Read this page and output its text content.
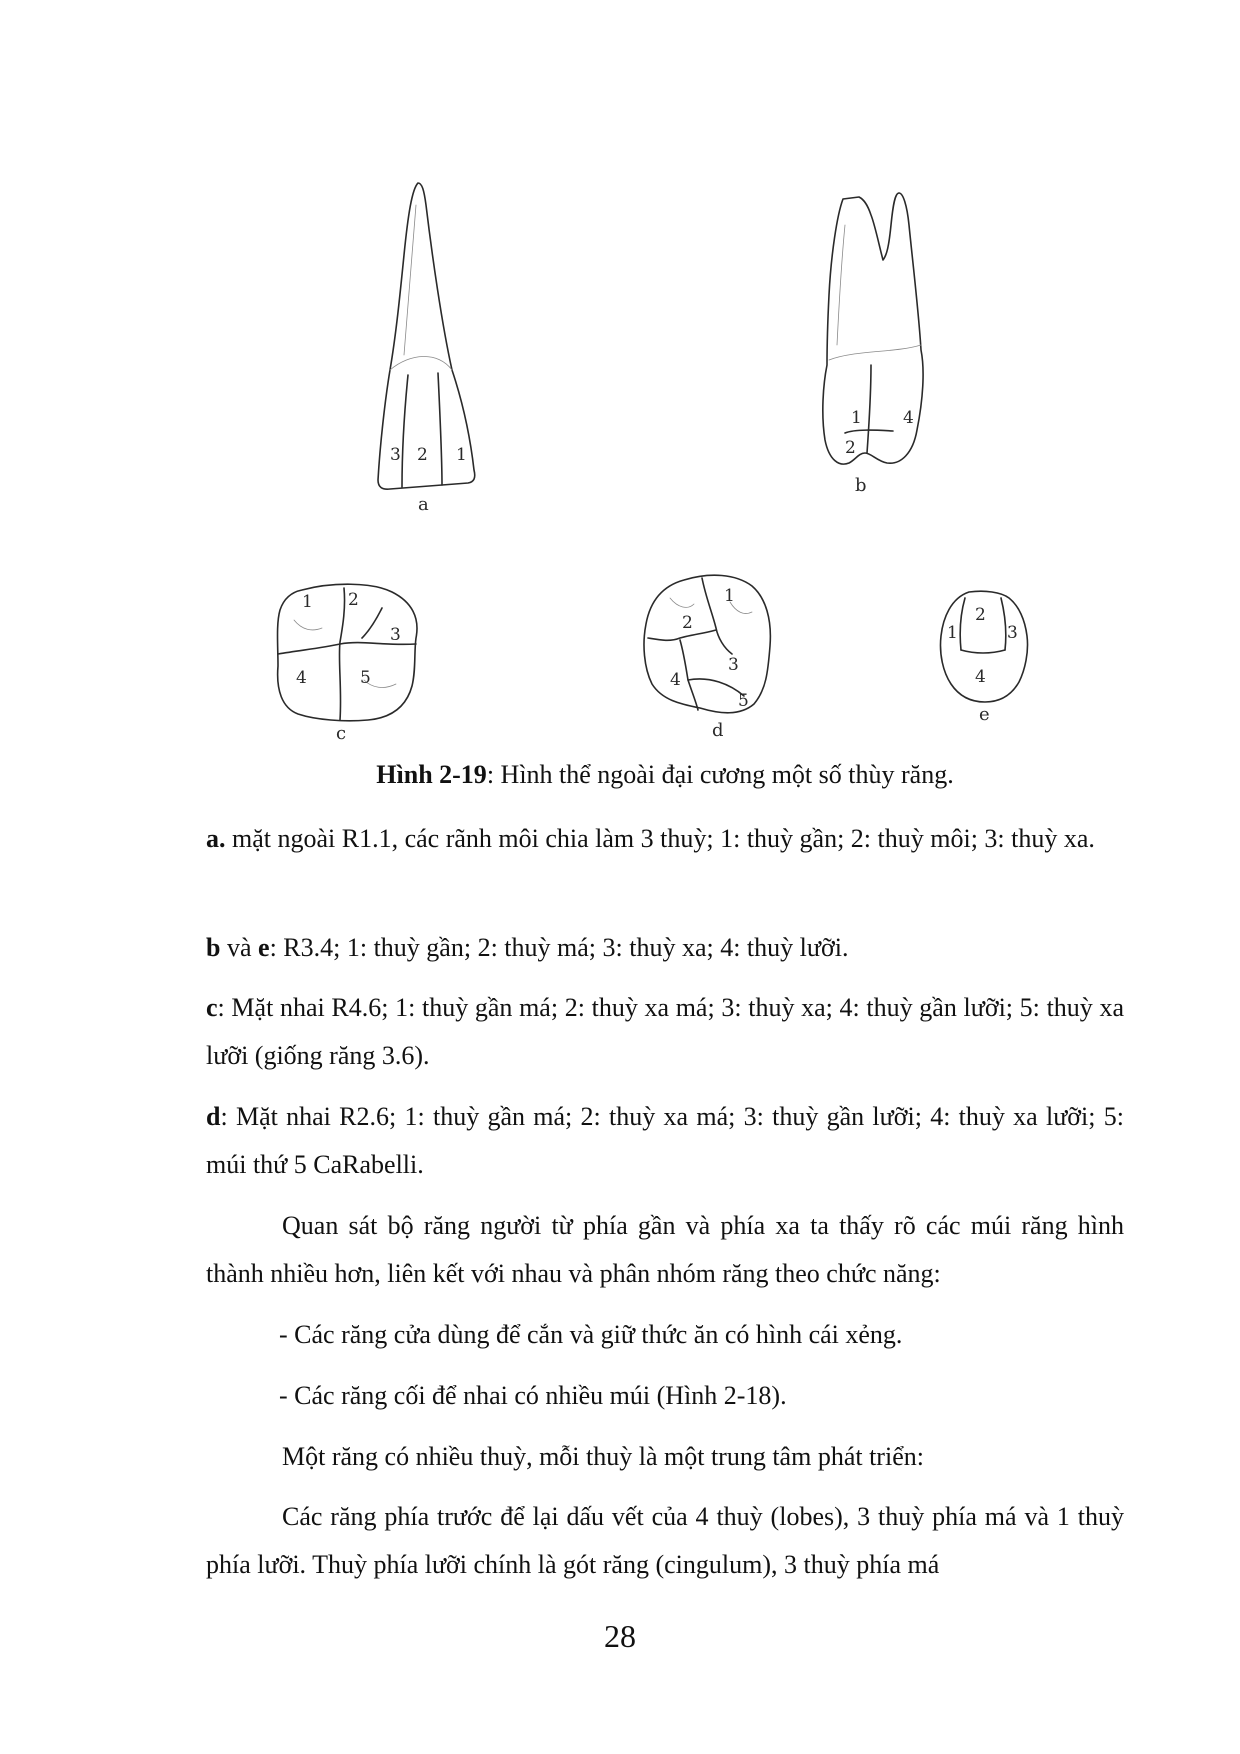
3 2 1
a
1 4
2
b
1 2
3
4	5
c
1
2
3
4
5
d
2
1	3
4
e
Hình 2-19: Hình thể ngoài đại cương một số thùy răng.

a. mặt ngoài R1.1, các rãnh môi chia làm 3 thuỳ; 1: thuỳ gần; 2: thuỳ môi; 3: thuỳ xa.

b và e: R3.4; 1: thuỳ gần; 2: thuỳ má; 3: thuỳ xa; 4: thuỳ lưỡi.

c: Mặt nhai R4.6; 1: thuỳ gần má; 2: thuỳ xa má; 3: thuỳ xa; 4: thuỳ gần lưỡi; 5: thuỳ xa lưỡi (giống răng 3.6).

d: Mặt nhai R2.6; 1: thuỳ gần má; 2: thuỳ xa má; 3: thuỳ gần lưỡi; 4: thuỳ xa lưỡi; 5: múi thứ 5 CaRabelli.

Quan sát bộ răng người từ phía gần và phía xa ta thấy rõ các múi răng hình thành nhiều hơn, liên kết với nhau và phân nhóm răng theo chức năng:

- Các răng cửa dùng để cắn và giữ thức ăn có hình cái xẻng.

- Các răng cối để nhai có nhiều múi (Hình 2-18).

Một răng có nhiều thuỳ, mỗi thuỳ là một trung tâm phát triển:

Các răng phía trước để lại dấu vết của 4 thuỳ (lobes), 3 thuỳ phía má và 1 thuỳ phía lưỡi. Thuỳ phía lưỡi chính là gót răng (cingulum), 3 thuỳ phía má

28
